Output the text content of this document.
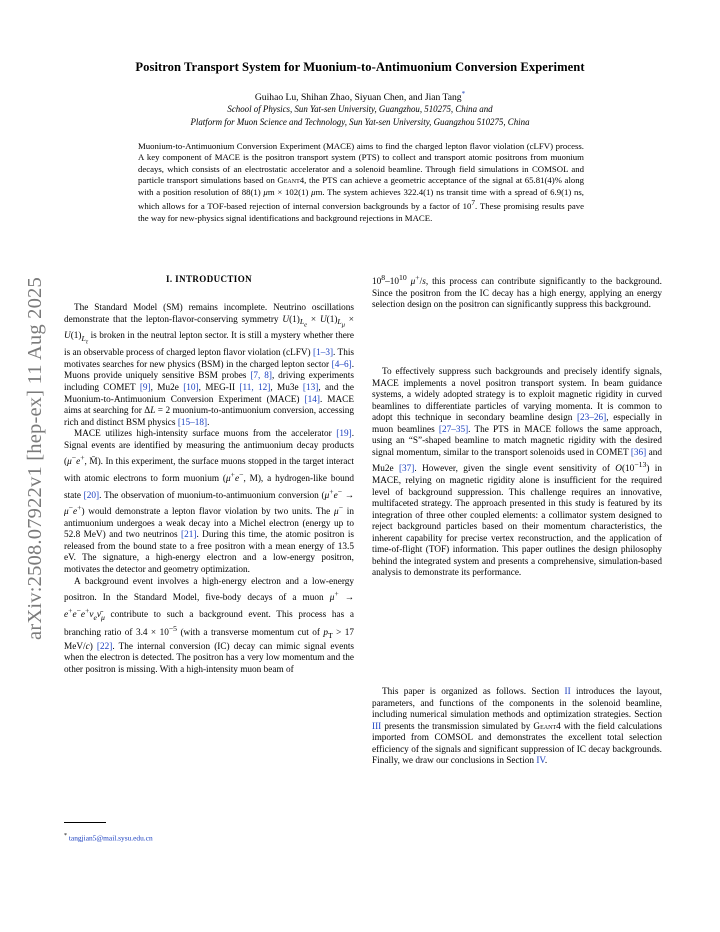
arXiv:2508.07922v1 [hep-ex] 11 Aug 2025
Positron Transport System for Muonium-to-Antimuonium Conversion Experiment
Guihao Lu, Shihan Zhao, Siyuan Chen, and Jian Tang*
School of Physics, Sun Yat-sen University, Guangzhou, 510275, China and
Platform for Muon Science and Technology, Sun Yat-sen University, Guangzhou 510275, China
Muonium-to-Antimuonium Conversion Experiment (MACE) aims to find the charged lepton flavor violation (cLFV) process. A key component of MACE is the positron transport system (PTS) to collect and transport atomic positrons from muonium decays, which consists of an electrostatic accelerator and a solenoid beamline. Through field simulations in COMSOL and particle transport simulations based on Geant4, the PTS can achieve a geometric acceptance of the signal at 65.81(4)% along with a position resolution of 88(1) μm × 102(1) μm. The system achieves 322.4(1) ns transit time with a spread of 6.9(1) ns, which allows for a TOF-based rejection of internal conversion backgrounds by a factor of $10^7$. These promising results pave the way for new-physics signal identifications and background rejections in MACE.
I. INTRODUCTION

The Standard Model (SM) remains incomplete. Neutrino oscillations demonstrate that the lepton-flavor-conserving symmetry $U(1)_{L_e} \times U(1)_{L_\mu} \times U(1)_{L_\tau}$ is broken in the neutral lepton sector. It is still a mystery whether there is an observable process of charged lepton flavor violation (cLFV) [1–3]. This motivates searches for new physics (BSM) in the charged lepton sector [4–6]. Muons provide uniquely sensitive BSM probes [7, 8], driving experiments including COMET [9], Mu2e [10], MEG-II [11, 12], Mu3e [13], and the Muonium-to-Antimuonium Conversion Experiment (MACE) [14]. MACE aims at searching for ΔL = 2 muonium-to-antimuonium conversion, accessing rich and distinct BSM physics [15–18].

MACE utilizes high-intensity surface muons from the accelerator [19]. Signal events are identified by measuring the antimuonium decay products (μ−e+, M̄). In this experiment, the surface muons stopped in the target interact with atomic electrons to form muonium (μ+e−, M), a hydrogen-like bound state [20]. The observation of muonium-to-antimuonium conversion (μ+e− → μ−e+) would demonstrate a lepton flavor violation by two units. The μ− in antimuonium undergoes a weak decay into a Michel electron (energy up to 52.8 MeV) and two neutrinos [21]. During this time, the atomic positron is released from the bound state to a free positron with a mean energy of 13.5 eV. The signature, a high-energy electron and a low-energy positron, motivates the detector and geometry optimization.

A background event involves a high-energy electron and a low-energy positron. In the Standard Model, five-body decays of a muon $\mu^+ \to e^+e^-e^+\nu_e\nū_\mu$ contribute to such a background event. This process has a branching ratio of $3.4 \times 10^{-5}$ (with a transverse momentum cut of $p_T > 17$ MeV/c) [22]. The internal conversion (IC) decay can mimic signal events when the electron is detected. The positron has a very low momentum and the other positron is missing. With a high-intensity muon beam of

$10^8-10^{10}$ μ+/s, this process can contribute significantly to the background. Since the positron from the IC decay has a high energy, applying an energy selection design on the positron can significantly suppress this background.

To effectively suppress such backgrounds and precisely identify signals, MACE implements a novel positron transport system. In beam guidance systems, a widely adopted strategy is to exploit magnetic rigidity in curved beamlines to differentiate particles of varying momenta. It is common to adopt this technique in secondary beamline design [23–26], especially in muon beamlines [27–35]. The PTS in MACE follows the same approach, using an “S”-shaped beamline to match magnetic rigidity with the desired signal momentum, similar to the transport solenoids used in COMET [36] and Mu2e [37]. However, given the single event sensitivity of $O(10^{-13})$ in MACE, relying on magnetic rigidity alone is insufficient for the required level of background suppression. This challenge requires an innovative, multifaceted strategy. The approach presented in this study is featured by its integration of three other coupled elements: a collimator system designed to reject background particles based on their momentum characteristics, the inherent capability for precise vertex reconstruction, and the application of time-of-flight (TOF) information. This paper outlines the design philosophy behind the integrated system and presents a comprehensive, simulation-based analysis to demonstrate its performance.

This paper is organized as follows. Section II introduces the layout, parameters, and functions of the components in the solenoid beamline, including numerical simulation methods and optimization strategies. Section III presents the transmission simulated by Geant4 with the field calculations imported from COMSOL and demonstrates the excellent total selection efficiency of the signals and significant suppression of IC decay backgrounds. Finally, we draw our conclusions in Section IV.

* tangjian5@mail.sysu.edu.cn
